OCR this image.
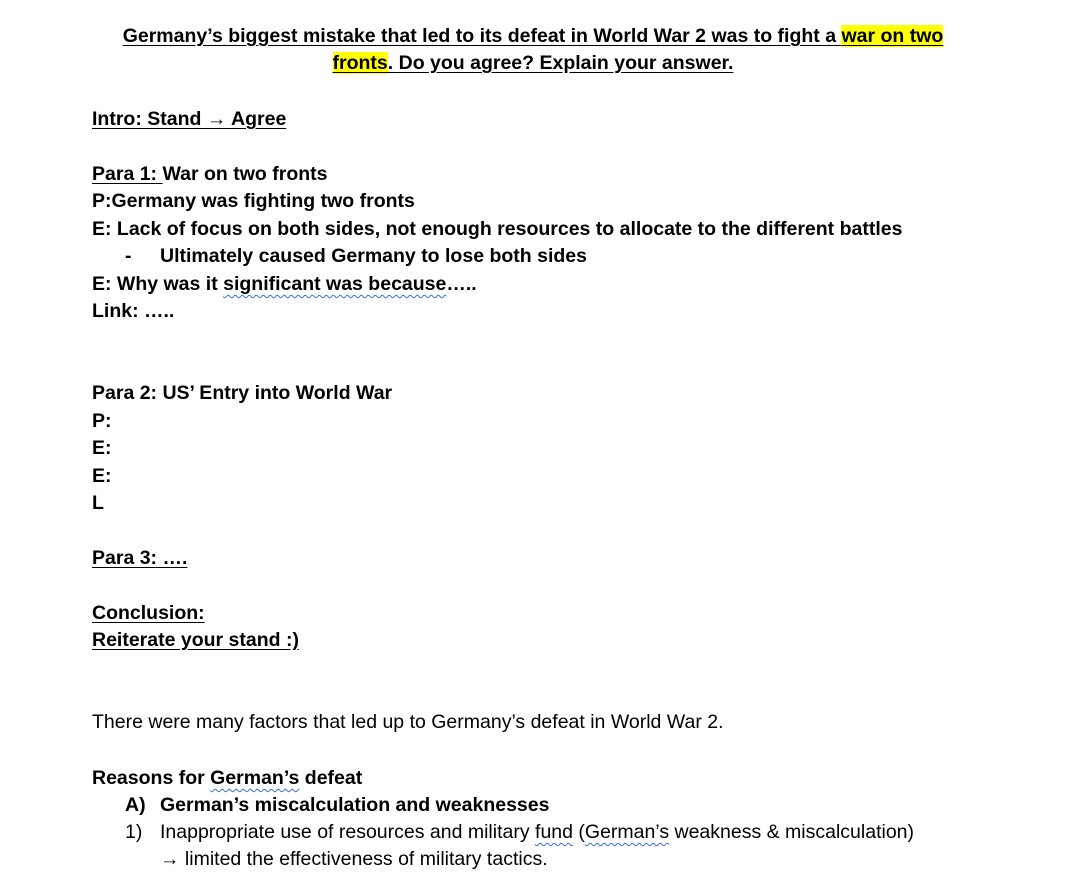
Germany’s biggest mistake that led to its defeat in World War 2 was to fight a war on two
fronts. Do you agree? Explain your answer.
Intro: Stand → Agree
Para 1: War on two fronts
P:Germany was fighting two fronts
E: Lack of focus on both sides, not enough resources to allocate to the different battles
- Ultimately caused Germany to lose both sides
E: Why was it significant was because…..
Link: …..
Para 2: US’ Entry into World War
P:
E:
E:
L
Para 3: ….
Conclusion:
Reiterate your stand :)
There were many factors that led up to Germany’s defeat in World War 2.
Reasons for German’s defeat
A) German’s miscalculation and weaknesses
1) Inappropriate use of resources and military fund (German’s weakness & miscalculation)
→ limited the effectiveness of military tactics.
